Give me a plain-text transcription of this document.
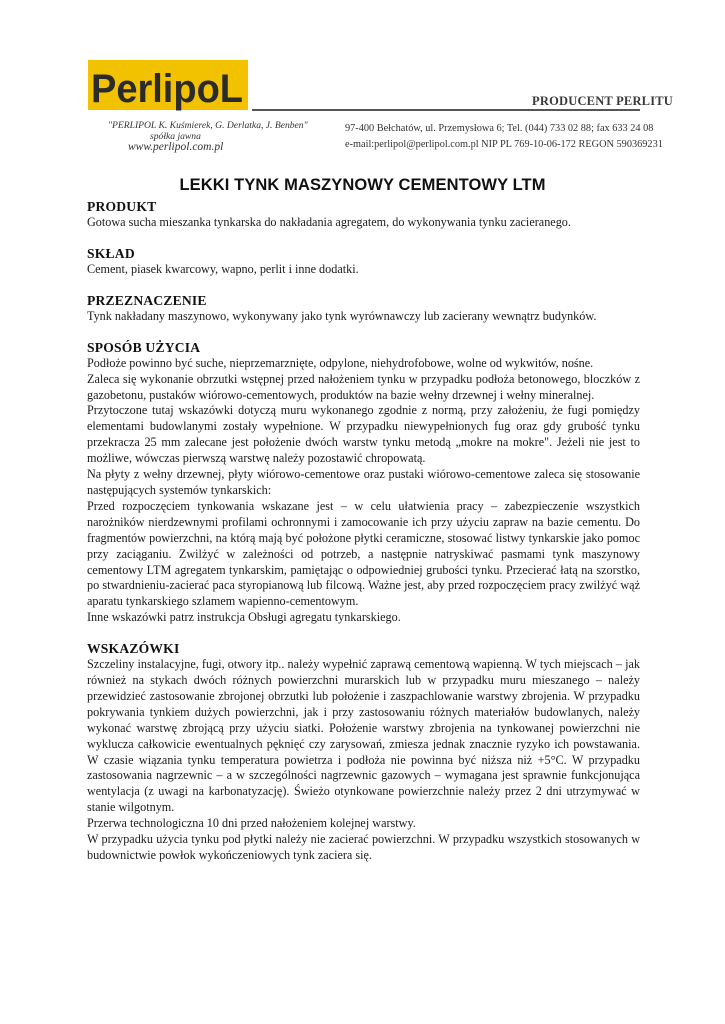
PerlipoL	PRODUCENT PERLITU
"PERLIPOL K. Kuśmierek, G. Derlatka, J. Benben"
spółka jawna
www.perlipol.com.pl
97-400 Bełchatów, ul. Przemysłowa 6; Tel. (044) 733 02 88; fax 633 24 08
e-mail:perlipol@perlipol.com.pl NIP PL 769-10-06-172 REGON 590369231
LEKKI TYNK MASZYNOWY CEMENTOWY LTM
PRODUKT

Gotowa sucha mieszanka tynkarska do nakładania agregatem, do wykonywania tynku zacieranego.

SKŁAD

Cement, piasek kwarcowy, wapno, perlit i inne dodatki.

PRZEZNACZENIE

Tynk nakładany maszynowo, wykonywany jako tynk wyrównawczy lub zacierany wewnątrz budynków.

SPOSÓB UŻYCIA

Podłoże powinno być suche, nieprzemarznięte, odpylone, niehydrofobowe, wolne od wykwitów, nośne.

Zaleca się wykonanie obrzutki wstępnej przed nałożeniem tynku w przypadku podłoża betonowego, bloczków z gazobetonu, pustaków wiórowo-cementowych, produktów na bazie wełny drzewnej i wełny mineralnej.

Przytoczone tutaj wskazówki dotyczą muru wykonanego zgodnie z normą, przy założeniu, że fugi pomiędzy elementami budowlanymi zostały wypełnione. W przypadku niewypełnionych fug oraz gdy grubość tynku przekracza 25 mm zalecane jest położenie dwóch warstw tynku metodą „mokre na mokre". Jeżeli nie jest to możliwe, wówczas pierwszą warstwę należy pozostawić chropowatą.

Na płyty z wełny drzewnej, płyty wiórowo-cementowe oraz pustaki wiórowo-cementowe zaleca się stosowanie następujących systemów tynkarskich:

Przed rozpoczęciem tynkowania wskazane jest – w celu ułatwienia pracy – zabezpieczenie wszystkich narożników nierdzewnymi profilami ochronnymi i zamocowanie ich przy użyciu zapraw na bazie cementu. Do fragmentów powierzchni, na którą mają być położone płytki ceramiczne, stosować listwy tynkarskie jako pomoc przy zaciąganiu. Zwilżyć w zależności od potrzeb, a następnie natryskiwać pasmami tynk maszynowy cementowy LTM agregatem tynkarskim, pamiętając o odpowiedniej grubości tynku. Przecierać łatą na szorstko, po stwardnieniu-zacierać paca styropianową lub filcową. Ważne jest, aby przed rozpoczęciem pracy zwilżyć wąż aparatu tynkarskiego szlamem wapienno-cementowym.

Inne wskazówki patrz instrukcja Obsługi agregatu tynkarskiego.

WSKAZÓWKI

Szczeliny instalacyjne, fugi, otwory itp.. należy wypełnić zaprawą cementową wapienną. W tych miejscach – jak również na stykach dwóch różnych powierzchni murarskich lub w przypadku muru mieszanego – należy przewidzieć zastosowanie zbrojonej obrzutki lub położenie i zaszpachlowanie warstwy zbrojenia. W przypadku pokrywania tynkiem dużych powierzchni, jak i przy zastosowaniu różnych materiałów budowlanych, należy wykonać warstwę zbrojącą przy użyciu siatki. Położenie warstwy zbrojenia na tynkowanej powierzchni nie wyklucza całkowicie ewentualnych pęknięć czy zarysowań, zmiesza jednak znacznie ryzyko ich powstawania. W czasie wiązania tynku temperatura powietrza i podłoża nie powinna być niższa niż +5°C. W przypadku zastosowania nagrzewnic – a w szczególności nagrzewnic gazowych – wymagana jest sprawnie funkcjonująca wentylacja (z uwagi na karbonatyzację). Świeżo otynkowane powierzchnie należy przez 2 dni utrzymywać w stanie wilgotnym.

Przerwa technologiczna 10 dni przed nałożeniem kolejnej warstwy.

W przypadku użycia tynku pod płytki należy nie zacierać powierzchni. W przypadku wszystkich stosowanych w budownictwie powłok wykończeniowych tynk zaciera się.
